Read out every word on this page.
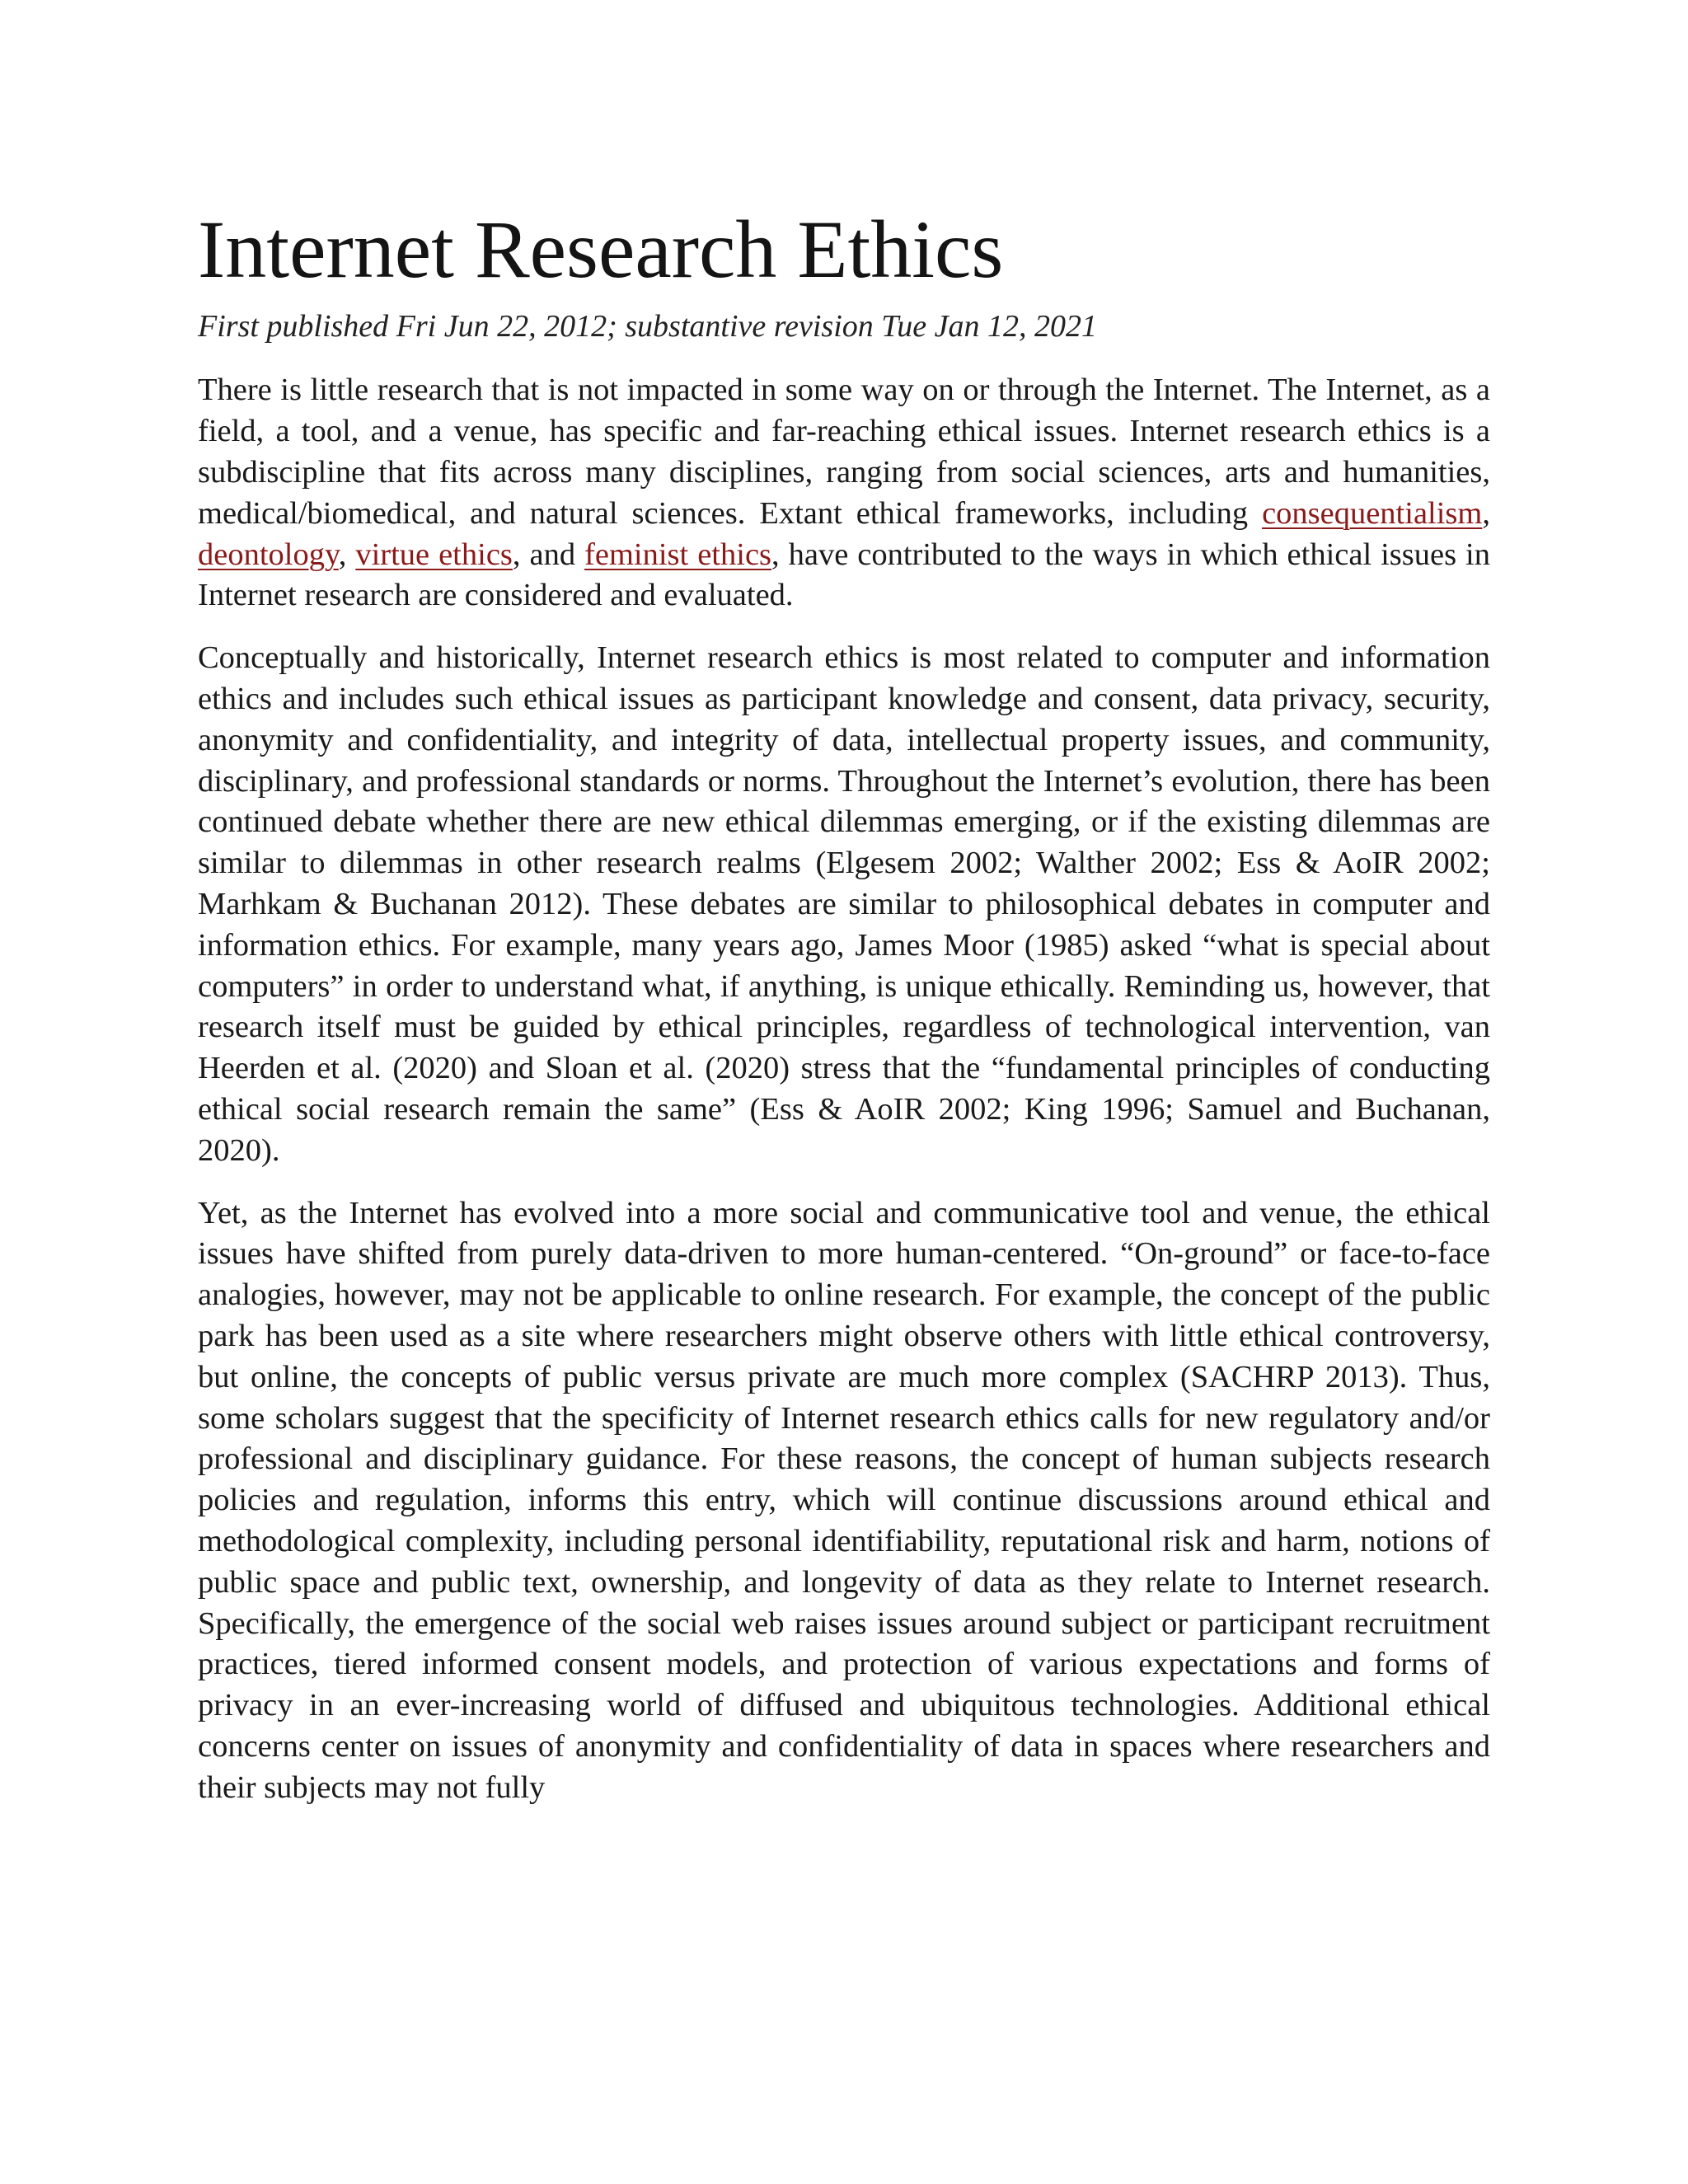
Internet Research Ethics
First published Fri Jun 22, 2012; substantive revision Tue Jan 12, 2021

There is little research that is not impacted in some way on or through the Internet. The Internet, as a field, a tool, and a venue, has specific and far-reaching ethical issues. Internet research ethics is a subdiscipline that fits across many disciplines, ranging from social sciences, arts and humanities, medical/biomedical, and natural sciences. Extant ethical frameworks, including consequentialism, deontology, virtue ethics, and feminist ethics, have contributed to the ways in which ethical issues in Internet research are considered and evaluated.

Conceptually and historically, Internet research ethics is most related to computer and information ethics and includes such ethical issues as participant knowledge and consent, data privacy, security, anonymity and confidentiality, and integrity of data, intellectual property issues, and community, disciplinary, and professional standards or norms. Throughout the Internet’s evolution, there has been continued debate whether there are new ethical dilemmas emerging, or if the existing dilemmas are similar to dilemmas in other research realms (Elgesem 2002; Walther 2002; Ess & AoIR 2002; Marhkam & Buchanan 2012). These debates are similar to philosophical debates in computer and information ethics. For example, many years ago, James Moor (1985) asked “what is special about computers” in order to understand what, if anything, is unique ethically. Reminding us, however, that research itself must be guided by ethical principles, regardless of technological intervention, van Heerden et al. (2020) and Sloan et al. (2020) stress that the “fundamental principles of conducting ethical social research remain the same” (Ess & AoIR 2002; King 1996; Samuel and Buchanan, 2020).

Yet, as the Internet has evolved into a more social and communicative tool and venue, the ethical issues have shifted from purely data-driven to more human-centered. “On-ground” or face-to-face analogies, however, may not be applicable to online research. For example, the concept of the public park has been used as a site where researchers might observe others with little ethical controversy, but online, the concepts of public versus private are much more complex (SACHRP 2013). Thus, some scholars suggest that the specificity of Internet research ethics calls for new regulatory and/or professional and disciplinary guidance. For these reasons, the concept of human subjects research policies and regulation, informs this entry, which will continue discussions around ethical and methodological complexity, including personal identifiability, reputational risk and harm, notions of public space and public text, ownership, and longevity of data as they relate to Internet research. Specifically, the emergence of the social web raises issues around subject or participant recruitment practices, tiered informed consent models, and protection of various expectations and forms of privacy in an ever-increasing world of diffused and ubiquitous technologies. Additional ethical concerns center on issues of anonymity and confidentiality of data in spaces where researchers and their subjects may not fully
